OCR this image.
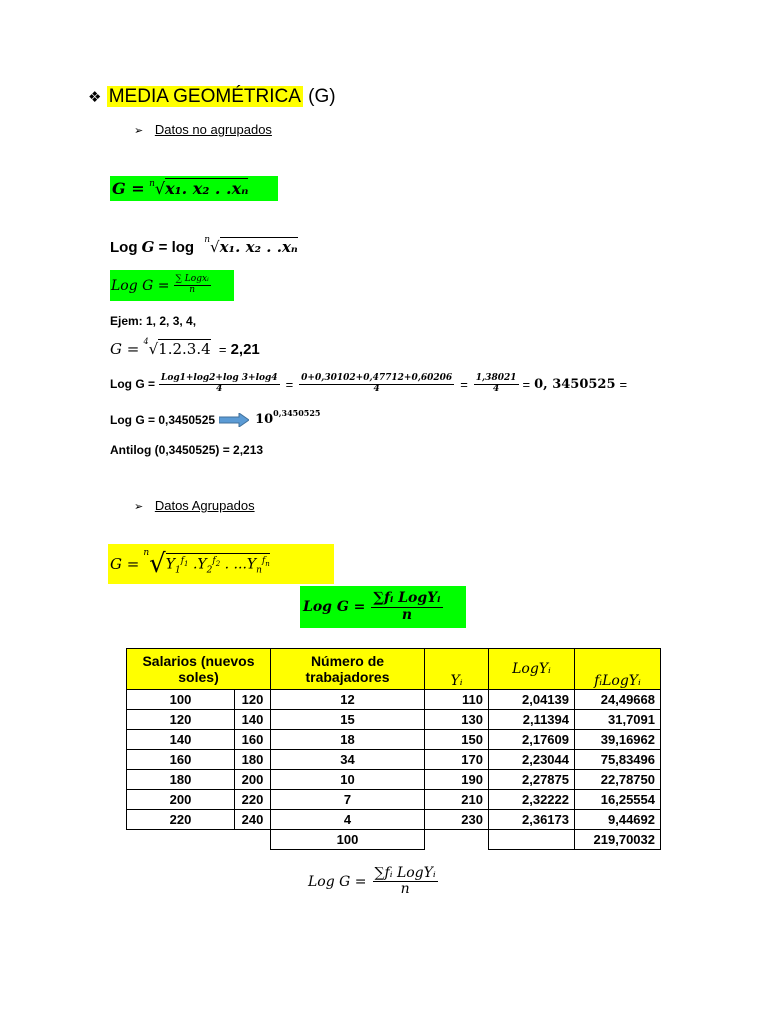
❖ MEDIA GEOMÉTRICA (G)
➢ Datos no agrupados
G = $^n$√x₁. x₂ . .xₙ
Log G = log $^n$√x₁. x₂ . .xₙ
Log $G = \frac{\text{∑ Logxᵢ}}{n}$
Ejem: 1, 2, 3, 4,
G = $^4$√1.2.3.4 = 2,21
Log $G = \frac{\text{Log1+log2+log 3+log4}}{4} = \frac{0+0,30102+0,47712+0,60206}{4} = \frac{1,38021}{4} = 0$, 3450525 =
Log G = 0,3450525	$10^{0,3450525}$
Antilog (0,3450525) = 2,213
➢ Datos Agrupados
G =
n √ $Y_1^{f_1}$ $.Y_2^{f_2}$ . $...Y_n^{f_n}$
Log $G = \frac{\text{∑fᵢ LogYᵢ}}{n}$
Salarios (nuevos soles)		Número de trabajadores	Yᵢ	LogYᵢ	fᵢLogYᵢ
100	120	12	110	2,04139	24,49668
120	140	15	130	2,11394	31,7091
140	160	18	150	2,17609	39,16962
160	180	34	170	2,23044	75,83496
180	200	10	190	2,27875	22,78750
200	220	7	210	2,32222	16,25554
220	240	4	230	2,36173	9,44692
		100			219,70032
Log $G = \frac{\text{∑fᵢ LogYᵢ}}{n}$
